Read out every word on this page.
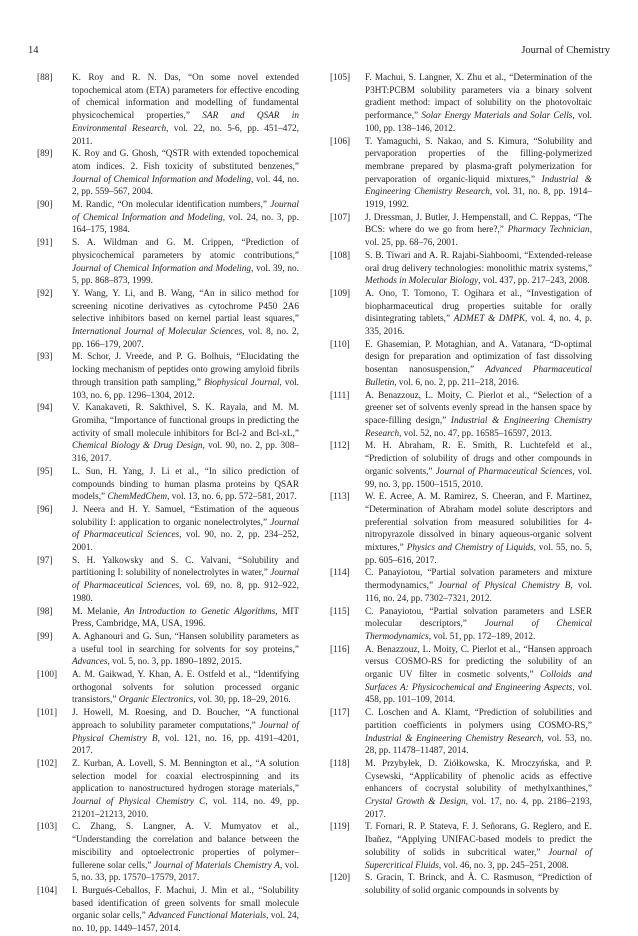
14	Journal of Chemistry
[88]	K. Roy and R. N. Das, “On some novel extended topochemical atom (ETA) parameters for effective encoding of chemical information and modelling of fundamental physicochemical properties,” SAR and QSAR in Environmental Research, vol. 22, no. 5-6, pp. 451–472, 2011.
[89]	K. Roy and G. Ghosh, “QSTR with extended topochemical atom indices. 2. Fish toxicity of substituted benzenes,” Journal of Chemical Information and Modeling, vol. 44, no. 2, pp. 559–567, 2004.
[90]	M. Randic, “On molecular identification numbers,” Journal of Chemical Information and Modeling, vol. 24, no. 3, pp. 164–175, 1984.
[91]	S. A. Wildman and G. M. Crippen, “Prediction of physicochemical parameters by atomic contributions,” Journal of Chemical Information and Modeling, vol. 39, no. 5, pp. 868–873, 1999.
[92]	Y. Wang, Y. Li, and B. Wang, “An in silico method for screening nicotine derivatives as cytochrome P450 2A6 selective inhibitors based on kernel partial least squares,” International Journal of Molecular Sciences, vol. 8, no. 2, pp. 166–179, 2007.
[93]	M. Schor, J. Vreede, and P. G. Bolhuis, “Elucidating the locking mechanism of peptides onto growing amyloid fibrils through transition path sampling,” Biophysical Journal, vol. 103, no. 6, pp. 1296–1304, 2012.
[94]	V. Kanakaveti, R. Sakthivel, S. K. Rayala, and M. M. Gromiha, “Importance of functional groups in predicting the activity of small molecule inhibitors for Bcl-2 and Bcl-xL,” Chemical Biology & Drug Design, vol. 90, no. 2, pp. 308–316, 2017.
[95]	L. Sun, H. Yang, J. Li et al., “In silico prediction of compounds binding to human plasma proteins by QSAR models,” ChemMedChem, vol. 13, no. 6, pp. 572–581, 2017.
[96]	J. Neera and H. Y. Samuel, “Estimation of the aqueous solubility I: application to organic nonelectrolytes,” Journal of Pharmaceutical Sciences, vol. 90, no. 2, pp. 234–252, 2001.
[97]	S. H. Yalkowsky and S. C. Valvani, “Solubility and partitioning I: solubility of nonelectrolytes in water,” Journal of Pharmaceutical Sciences, vol. 69, no. 8, pp. 912–922, 1980.
[98]	M. Melanie, An Introduction to Genetic Algorithms, MIT Press, Cambridge, MA, USA, 1996.
[99]	A. Aghanouri and G. Sun, “Hansen solubility parameters as a useful tool in searching for solvents for soy proteins,” Advances, vol. 5, no. 3, pp. 1890–1892, 2015.
[100]	A. M. Gaikwad, Y. Khan, A. E. Ostfeld et al., “Identifying orthogonal solvents for solution processed organic transistors,” Organic Electronics, vol. 30, pp. 18–29, 2016.
[101]	J. Howell, M. Roesing, and D. Boucher, “A functional approach to solubility parameter computations,” Journal of Physical Chemistry B, vol. 121, no. 16, pp. 4191–4201, 2017.
[102]	Z. Kurban, A. Lovell, S. M. Bennington et al., “A solution selection model for coaxial electrospinning and its application to nanostructured hydrogen storage materials,” Journal of Physical Chemistry C, vol. 114, no. 49, pp. 21201–21213, 2010.
[103]	C. Zhang, S. Langner, A. V. Mumyatov et al., “Understanding the correlation and balance between the miscibility and optoelectronic properties of polymer–fullerene solar cells,” Journal of Materials Chemistry A, vol. 5, no. 33, pp. 17570–17579, 2017.
[104]	I. Burgués-Ceballos, F. Machui, J. Min et al., “Solubility based identification of green solvents for small molecule organic solar cells,” Advanced Functional Materials, vol. 24, no. 10, pp. 1449–1457, 2014.
[105]	F. Machui, S. Langner, X. Zhu et al., “Determination of the P3HT:PCBM solubility parameters via a binary solvent gradient method: impact of solubility on the photovoltaic performance,” Solar Energy Materials and Solar Cells, vol. 100, pp. 138–146, 2012.
[106]	T. Yamaguchi, S. Nakao, and S. Kimura, “Solubility and pervaporation properties of the filling-polymerized membrane prepared by plasma-graft polymerization for pervaporation of organic-liquid mixtures,” Industrial & Engineering Chemistry Research, vol. 31, no. 8, pp. 1914–1919, 1992.
[107]	J. Dressman, J. Butler, J. Hempenstall, and C. Reppas, “The BCS: where do we go from here?,” Pharmacy Technician, vol. 25, pp. 68–76, 2001.
[108]	S. B. Tiwari and A. R. Rajabi-Siahboomi, “Extended-release oral drug delivery technologies: monolithic matrix systems,” Methods in Molecular Biology, vol. 437, pp. 217–243, 2008.
[109]	A. Ono, T. Tomono, T. Ogihara et al., “Investigation of biopharmaceutical drug properties suitable for orally disintegrating tablets,” ADMET & DMPK, vol. 4, no. 4, p. 335, 2016.
[110]	E. Ghasemian, P. Motaghian, and A. Vatanara, “D-optimal design for preparation and optimization of fast dissolving bosentan nanosuspension,” Advanced Pharmaceutical Bulletin, vol. 6, no. 2, pp. 211–218, 2016.
[111]	A. Benazzouz, L. Moity, C. Pierlot et al., “Selection of a greener set of solvents evenly spread in the hansen space by space-filling design,” Industrial & Engineering Chemistry Research, vol. 52, no. 47, pp. 16585–16597, 2013.
[112]	M. H. Abraham, R. E. Smith, R. Luchtefeld et al., “Prediction of solubility of drugs and other compounds in organic solvents,” Journal of Pharmaceutical Sciences, vol. 99, no. 3, pp. 1500–1515, 2010.
[113]	W. E. Acree, A. M. Ramirez, S. Cheeran, and F. Martinez, “Determination of Abraham model solute descriptors and preferential solvation from measured solubilities for 4-nitropyrazole dissolved in binary aqueous-organic solvent mixtures,” Physics and Chemistry of Liquids, vol. 55, no. 5, pp. 605–616, 2017.
[114]	C. Panayiotou, “Partial solvation parameters and mixture thermodynamics,” Journal of Physical Chemistry B, vol. 116, no. 24, pp. 7302–7321, 2012.
[115]	C. Panayiotou, “Partial solvation parameters and LSER molecular descriptors,” Journal of Chemical Thermodynamics, vol. 51, pp. 172–189, 2012.
[116]	A. Benazzouz, L. Moity, C. Pierlot et al., “Hansen approach versus COSMO-RS for predicting the solubility of an organic UV filter in cosmetic solvents,” Colloids and Surfaces A: Physicochemical and Engineering Aspects, vol. 458, pp. 101–109, 2014.
[117]	C. Loschen and A. Klamt, “Prediction of solubilities and partition coefficients in polymers using COSMO-RS,” Industrial & Engineering Chemistry Research, vol. 53, no. 28, pp. 11478–11487, 2014.
[118]	M. Przybyłek, D. Ziółkowska, K. Mroczyńska, and P. Cysewski, “Applicability of phenolic acids as effective enhancers of cocrystal solubility of methylxanthines,” Crystal Growth & Design, vol. 17, no. 4, pp. 2186–2193, 2017.
[119]	T. Fornari, R. P. Stateva, F. J. Señorans, G. Reglero, and E. Ibañez, “Applying UNIFAC-based models to predict the solubility of solids in subcritical water,” Journal of Supercritical Fluids, vol. 46, no. 3, pp. 245–251, 2008.
[120]	S. Gracin, T. Brinck, and Å. C. Rasmuson, “Prediction of solubility of solid organic compounds in solvents by
